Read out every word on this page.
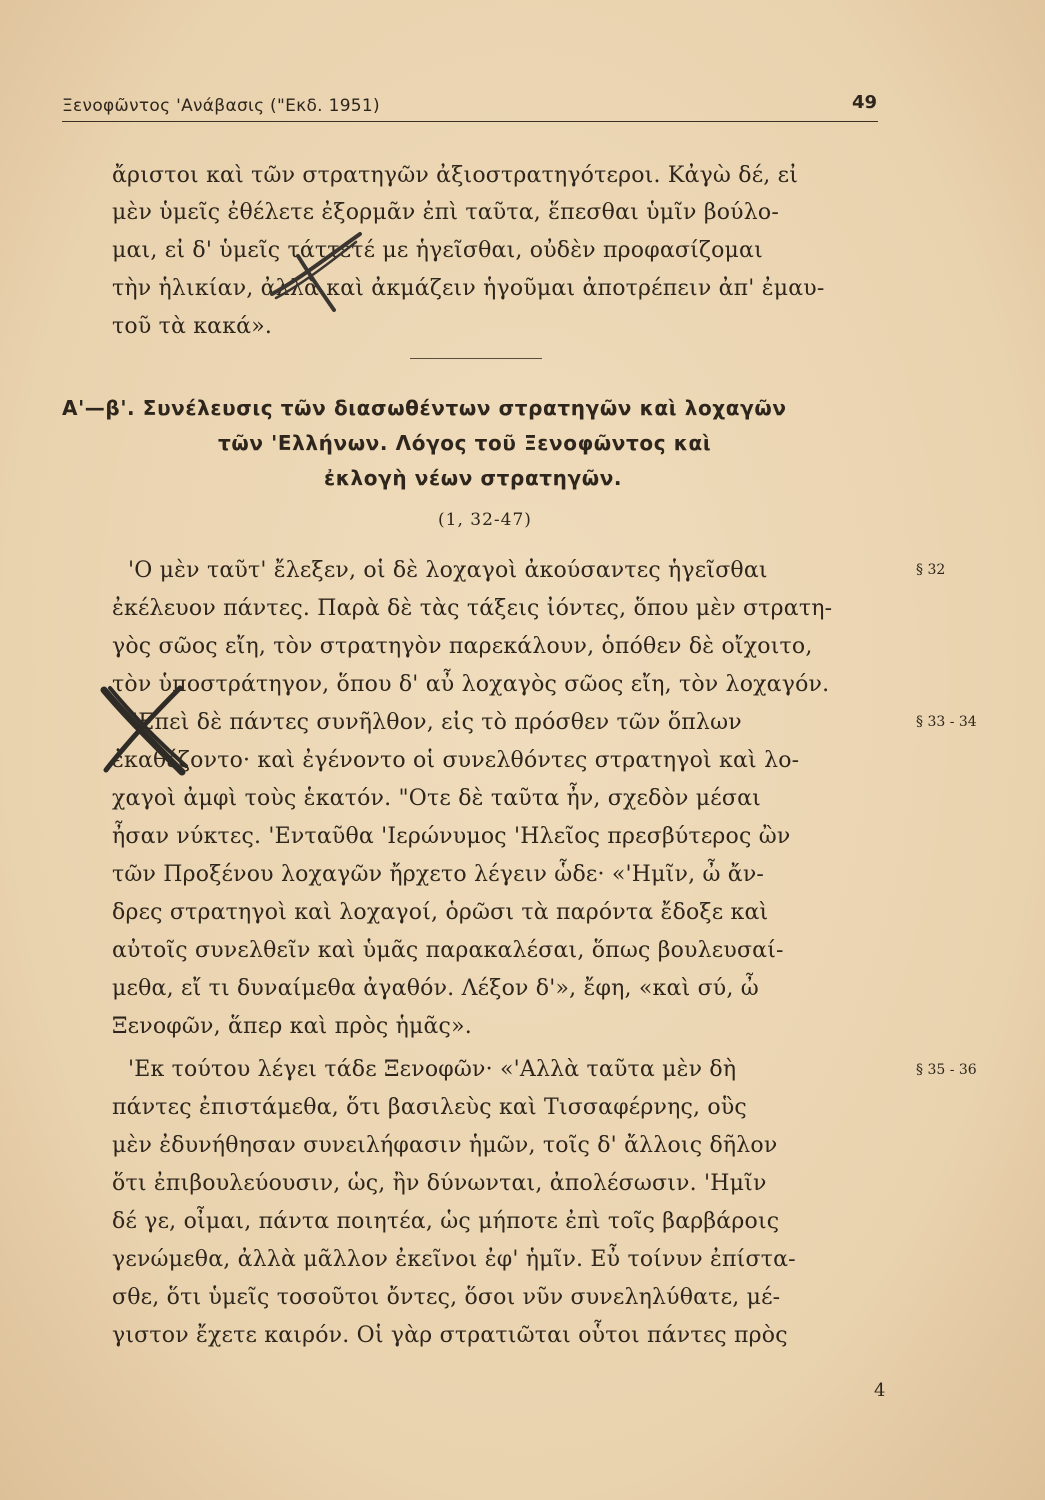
Ξενοφῶντος 'Ανάβασις ("Εκδ. 1951)	49
ἄριστοι καὶ τῶν στρατηγῶν ἀξιοστρατηγότεροι. Κἀγὼ δέ, εἰ
μὲν ὑμεῖς ἐθέλετε ἐξορμᾶν ἐπὶ ταῦτα, ἕπεσθαι ὑμῖν βούλο-
μαι, εἰ δ' ὑμεῖς τάττετέ με ἡγεῖσθαι, οὐδὲν προφασίζομαι
τὴν ἡλικίαν, ἀλλὰ καὶ ἀκμάζειν ἡγοῦμαι ἀποτρέπειν ἀπ' ἐμαυ-
τοῦ τὰ κακά».
Α'—β'. Συνέλευσις τῶν διασωθέντων στρατηγῶν καὶ λοχαγῶν
τῶν 'Ελλήνων. Λόγος τοῦ Ξενοφῶντος καὶ
ἐκλογὴ νέων στρατηγῶν.
(1, 32-47)
'Ο μὲν ταῦτ' ἔλεξεν, οἱ δὲ λοχαγοὶ ἀκούσαντες ἡγεῖσθαι
ἐκέλευον πάντες. Παρὰ δὲ τὰς τάξεις ἰόντες, ὅπου μὲν στρατη-
γὸς σῶος εἴη, τὸν στρατηγὸν παρεκάλουν, ὁπόθεν δὲ οἴχοιτο,
τὸν ὑποστράτηγον, ὅπου δ' αὖ λοχαγὸς σῶος εἴη, τὸν λοχαγόν.
'Επεὶ δὲ πάντες συνῆλθον, εἰς τὸ πρόσθεν τῶν ὅπλων
ἐκαθέζοντο· καὶ ἐγένοντο οἱ συνελθόντες στρατηγοὶ καὶ λο-
χαγοὶ ἀμφὶ τοὺς ἑκατόν. "Οτε δὲ ταῦτα ἦν, σχεδὸν μέσαι
ἦσαν νύκτες. 'Ενταῦθα 'Ιερώνυμος 'Ηλεῖος πρεσβύτερος ὢν
τῶν Προξένου λοχαγῶν ἤρχετο λέγειν ὧδε· «'Ημῖν, ὦ ἄν-
δρες στρατηγοὶ καὶ λοχαγοί, ὁρῶσι τὰ παρόντα ἔδοξε καὶ
αὐτοῖς συνελθεῖν καὶ ὑμᾶς παρακαλέσαι, ὅπως βουλευσαί-
μεθα, εἴ τι δυναίμεθα ἀγαθόν. Λέξον δ'», ἔφη, «καὶ σύ, ὦ
Ξενοφῶν, ἅπερ καὶ πρὸς ἡμᾶς».
'Εκ τούτου λέγει τάδε Ξενοφῶν· «'Αλλὰ ταῦτα μὲν δὴ
πάντες ἐπιστάμεθα, ὅτι βασιλεὺς καὶ Τισσαφέρνης, οὓς
μὲν ἐδυνήθησαν συνειλήφασιν ἡμῶν, τοῖς δ' ἄλλοις δῆλον
ὅτι ἐπιβουλεύουσιν, ὡς, ἢν δύνωνται, ἀπολέσωσιν. 'Ημῖν
δέ γε, οἶμαι, πάντα ποιητέα, ὡς μήποτε ἐπὶ τοῖς βαρβάροις
γενώμεθα, ἀλλὰ μᾶλλον ἐκεῖνοι ἐφ' ἡμῖν. Εὖ τοίνυν ἐπίστα-
σθε, ὅτι ὑμεῖς τοσοῦτοι ὄντες, ὅσοι νῦν συνεληλύθατε, μέ-
γιστον ἔχετε καιρόν. Οἱ γὰρ στρατιῶται οὗτοι πάντες πρὸς
§ 32
§ 33 - 34
§ 35 - 36
4
